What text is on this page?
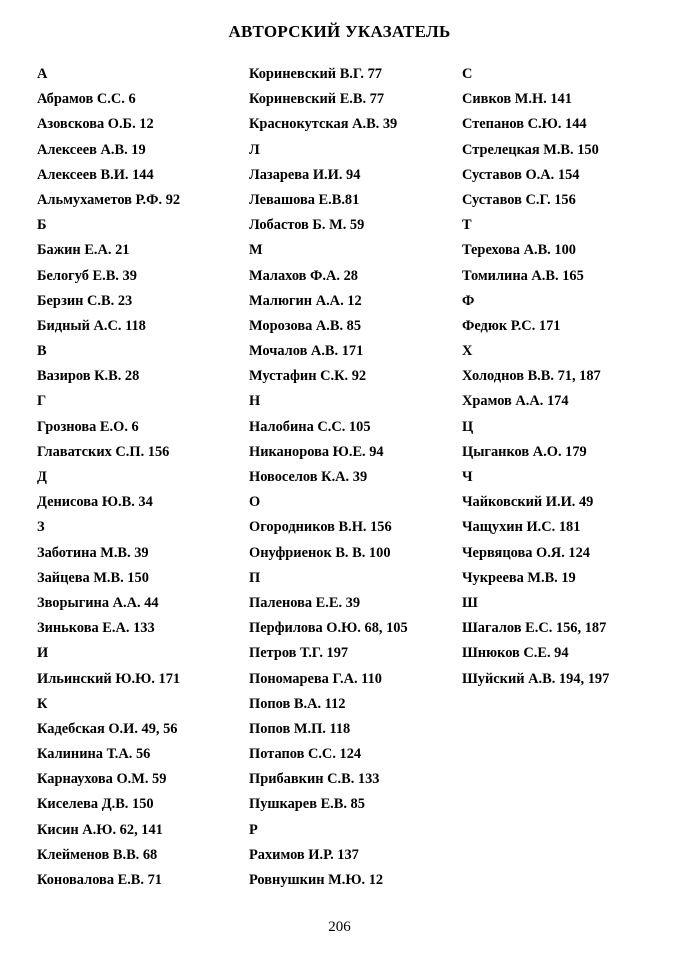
АВТОРСКИЙ УКАЗАТЕЛЬ
А
Абрамов С.С. 6
Азовскова О.Б. 12
Алексеев А.В. 19
Алексеев В.И. 144
Альмухаметов Р.Ф. 92
Б
Бажин Е.А. 21
Белогуб Е.В. 39
Берзин С.В. 23
Бидный А.С. 118
В
Вазиров К.В. 28
Г
Грознова Е.О. 6
Главатских С.П. 156
Д
Денисова Ю.В. 34
З
Заботина М.В. 39
Зайцева М.В. 150
Зворыгина А.А. 44
Зинькова Е.А. 133
И
Ильинский Ю.Ю. 171
К
Кадебская О.И. 49, 56
Калинина Т.А. 56
Карнаухова О.М. 59
Киселева Д.В. 150
Кисин А.Ю. 62, 141
Клейменов В.В. 68
Коновалова Е.В. 71
Кориневский В.Г. 77
Кориневский Е.В. 77
Краснокутская А.В. 39
Л
Лазарева И.И. 94
Левашова Е.В.81
Лобастов Б. М. 59
М
Малахов Ф.А. 28
Малюгин А.А. 12
Морозова А.В. 85
Мочалов А.В. 171
Мустафин С.К. 92
Н
Налобина С.С. 105
Никанорова Ю.Е. 94
Новоселов К.А. 39
О
Огородников В.Н. 156
Онуфриенок В. В. 100
П
Паленова Е.Е. 39
Перфилова О.Ю. 68, 105
Петров Т.Г. 197
Пономарева Г.А. 110
Попов В.А. 112
Попов М.П. 118
Потапов С.С. 124
Прибавкин С.В. 133
Пушкарев Е.В. 85
Р
Рахимов И.Р. 137
Ровнушкин М.Ю. 12
С
Сивков М.Н. 141
Степанов С.Ю. 144
Стрелецкая М.В. 150
Суставов О.А. 154
Суставов С.Г. 156
Т
Терехова А.В. 100
Томилина А.В. 165
Ф
Федюк Р.С. 171
Х
Холоднов В.В. 71, 187
Храмов А.А. 174
Ц
Цыганков А.О. 179
Ч
Чайковский И.И. 49
Чащухин И.С. 181
Червяцова О.Я. 124
Чукреева М.В. 19
Ш
Шагалов Е.С. 156, 187
Шнюков С.Е. 94
Шуйский А.В. 194, 197
206
